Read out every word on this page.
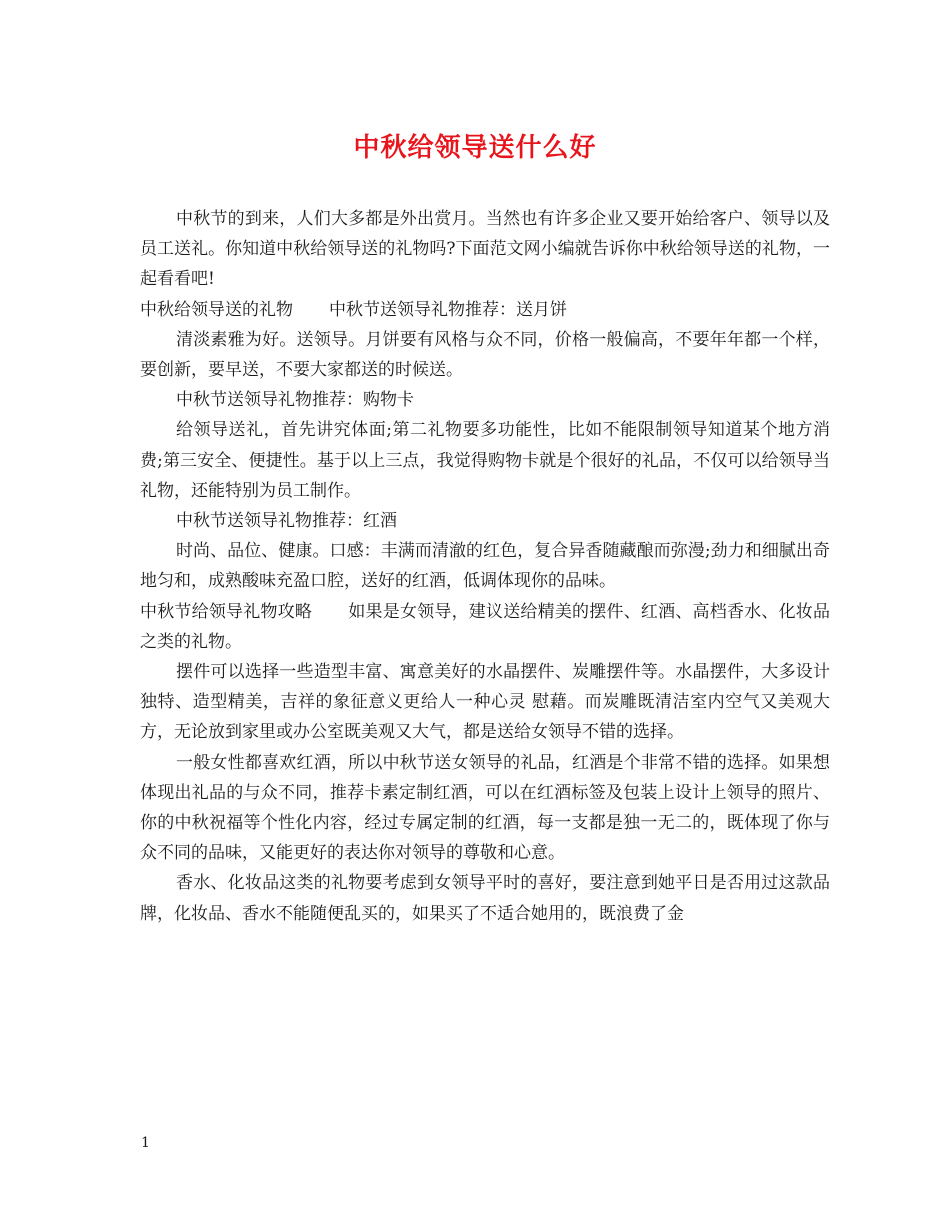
中秋给领导送什么好

中秋节的到来，人们大多都是外出赏月。当然也有许多企业又要开始给客户、领导以及员工送礼。你知道中秋给领导送的礼物吗?下面范文网小编就告诉你中秋给领导送的礼物，一起看看吧!

中秋给领导送的礼物 中秋节送领导礼物推荐：送月饼

清淡素雅为好。送领导。月饼要有风格与众不同，价格一般偏高，不要年年都一个样，要创新，要早送，不要大家都送的时候送。

中秋节送领导礼物推荐：购物卡

给领导送礼，首先讲究体面;第二礼物要多功能性，比如不能限制领导知道某个地方消费;第三安全、便捷性。基于以上三点，我觉得购物卡就是个很好的礼品，不仅可以给领导当礼物，还能特别为员工制作。

中秋节送领导礼物推荐：红酒

时尚、品位、健康。口感：丰满而清澈的红色，复合异香随藏酿而弥漫;劲力和细腻出奇地匀和，成熟酸味充盈口腔，送好的红酒，低调体现你的品味。

中秋节给领导礼物攻略 如果是女领导，建议送给精美的摆件、红酒、高档香水、化妆品之类的礼物。

摆件可以选择一些造型丰富、寓意美好的水晶摆件、炭雕摆件等。水晶摆件，大多设计独特、造型精美，吉祥的象征意义更给人一种心灵 慰藉。而炭雕既清洁室内空气又美观大方，无论放到家里或办公室既美观又大气，都是送给女领导不错的选择。

一般女性都喜欢红酒，所以中秋节送女领导的礼品，红酒是个非常不错的选择。如果想体现出礼品的与众不同，推荐卡素定制红酒，可以在红酒标签及包装上设计上领导的照片、你的中秋祝福等个性化内容，经过专属定制的红酒，每一支都是独一无二的，既体现了你与众不同的品味，又能更好的表达你对领导的尊敬和心意。

香水、化妆品这类的礼物要考虑到女领导平时的喜好，要注意到她平日是否用过这款品牌，化妆品、香水不能随便乱买的，如果买了不适合她用的，既浪费了金

1
